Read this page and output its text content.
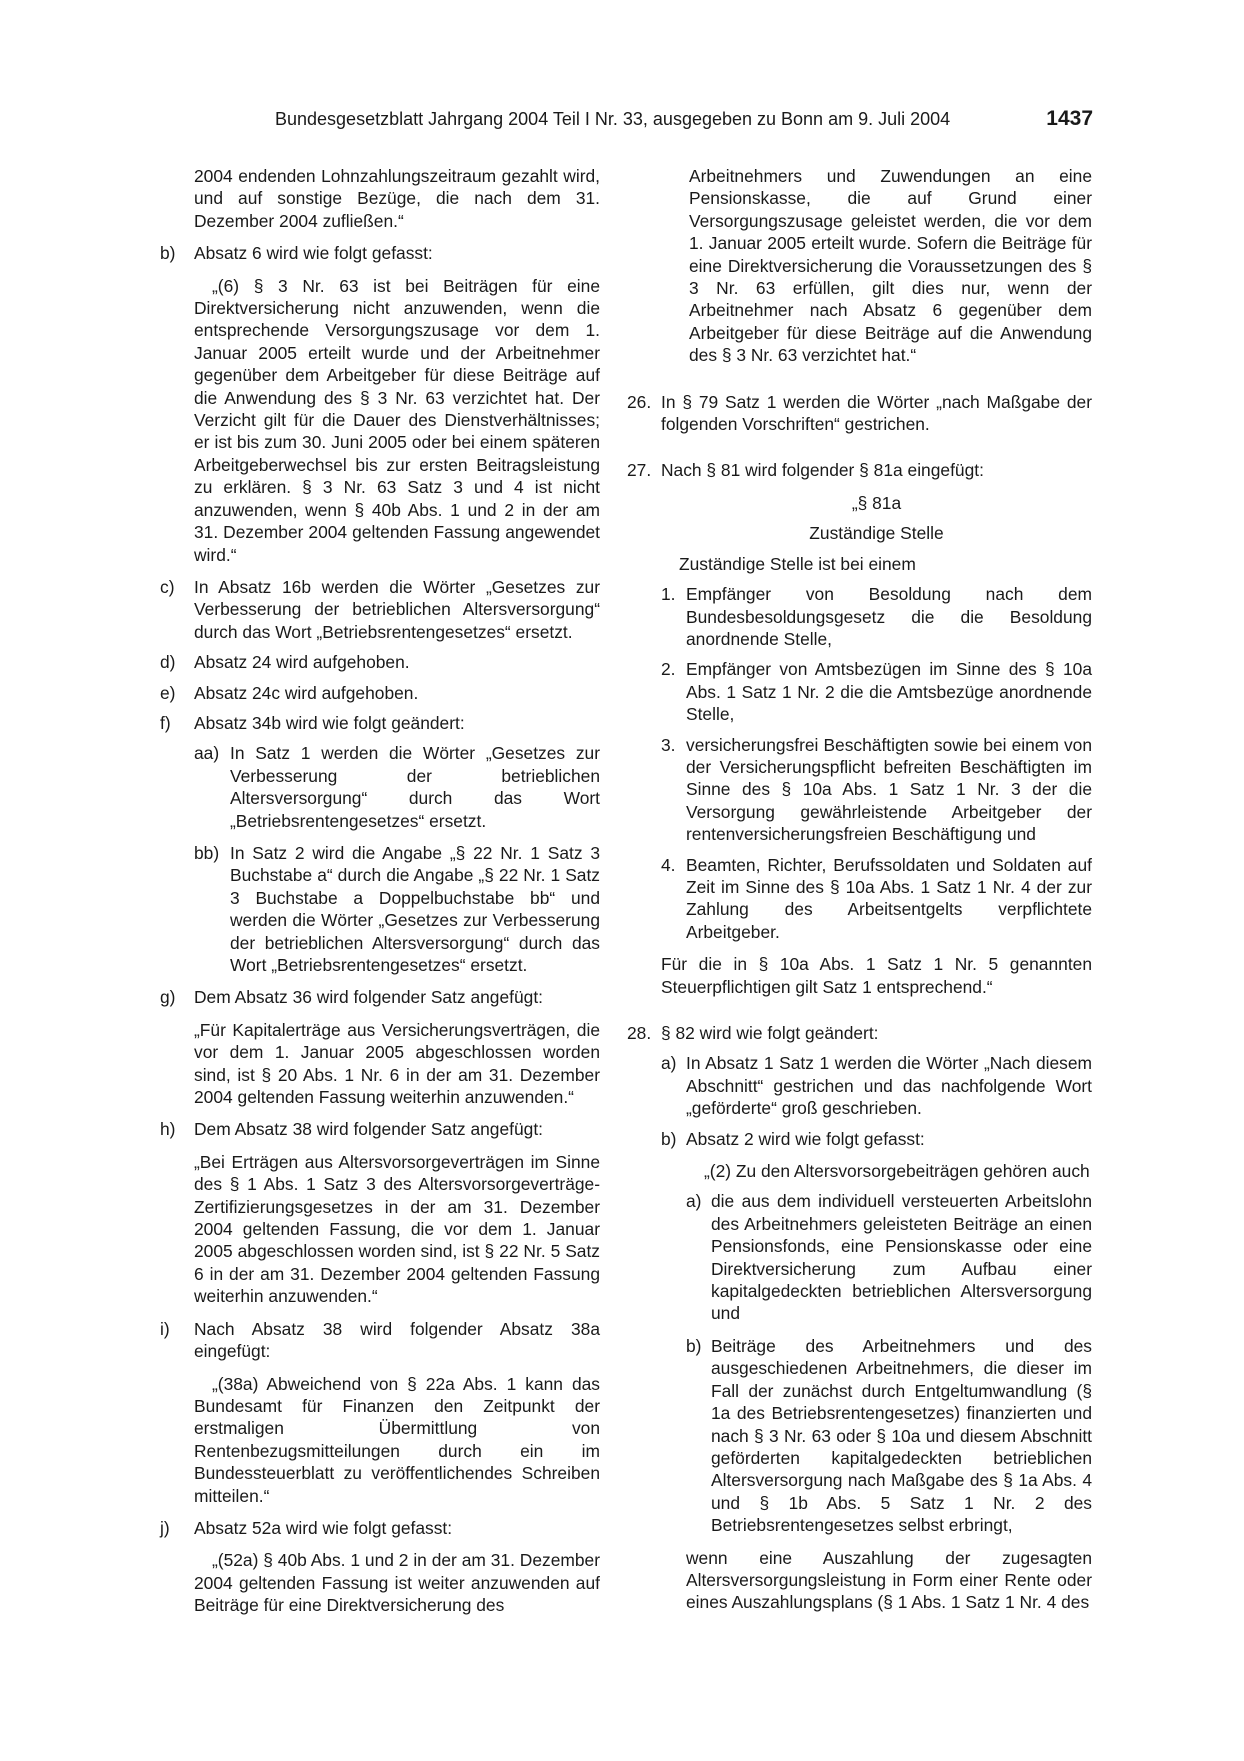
Bundesgesetzblatt Jahrgang 2004 Teil I Nr. 33, ausgegeben zu Bonn am 9. Juli 2004	1437

2004 endenden Lohnzahlungszeitraum gezahlt wird, und auf sonstige Bezüge, die nach dem 31. Dezember 2004 zufließen.“

b)	Absatz 6 wird wie folgt gefasst:

„(6) § 3 Nr. 63 ist bei Beiträgen für eine Direktversicherung nicht anzuwenden, wenn die entsprechende Versorgungszusage vor dem 1. Januar 2005 erteilt wurde und der Arbeitnehmer gegenüber dem Arbeitgeber für diese Beiträge auf die Anwendung des § 3 Nr. 63 verzichtet hat. Der Verzicht gilt für die Dauer des Dienstverhältnisses; er ist bis zum 30. Juni 2005 oder bei einem späteren Arbeitgeberwechsel bis zur ersten Beitragsleistung zu erklären. § 3 Nr. 63 Satz 3 und 4 ist nicht anzuwenden, wenn § 40b Abs. 1 und 2 in der am 31. Dezember 2004 geltenden Fassung angewendet wird.“

c)	In Absatz 16b werden die Wörter „Gesetzes zur Verbesserung der betrieblichen Altersversorgung“ durch das Wort „Betriebsrentengesetzes“ ersetzt.

d)	Absatz 24 wird aufgehoben.

e)	Absatz 24c wird aufgehoben.

f)	Absatz 34b wird wie folgt geändert:

aa) In Satz 1 werden die Wörter „Gesetzes zur Verbesserung der betrieblichen Altersversorgung“ durch das Wort „Betriebsrentengesetzes“ ersetzt.

bb) In Satz 2 wird die Angabe „§ 22 Nr. 1 Satz 3 Buchstabe a“ durch die Angabe „§ 22 Nr. 1 Satz 3 Buchstabe a Doppelbuchstabe bb“ und werden die Wörter „Gesetzes zur Verbesserung der betrieblichen Altersversorgung“ durch das Wort „Betriebsrentengesetzes“ ersetzt.

g)	Dem Absatz 36 wird folgender Satz angefügt:

„Für Kapitalerträge aus Versicherungsverträgen, die vor dem 1. Januar 2005 abgeschlossen worden sind, ist § 20 Abs. 1 Nr. 6 in der am 31. Dezember 2004 geltenden Fassung weiterhin anzuwenden.“

h)	Dem Absatz 38 wird folgender Satz angefügt:

„Bei Erträgen aus Altersvorsorgeverträgen im Sinne des § 1 Abs. 1 Satz 3 des Altersvorsorgeverträge-Zertifizierungsgesetzes in der am 31. Dezember 2004 geltenden Fassung, die vor dem 1. Januar 2005 abgeschlossen worden sind, ist § 22 Nr. 5 Satz 6 in der am 31. Dezember 2004 geltenden Fassung weiterhin anzuwenden.“

i)	Nach Absatz 38 wird folgender Absatz 38a eingefügt:

„(38a) Abweichend von § 22a Abs. 1 kann das Bundesamt für Finanzen den Zeitpunkt der erstmaligen Übermittlung von Rentenbezugsmitteilungen durch ein im Bundessteuerblatt zu veröffentlichendes Schreiben mitteilen.“

j)	Absatz 52a wird wie folgt gefasst:

„(52a) § 40b Abs. 1 und 2 in der am 31. Dezember 2004 geltenden Fassung ist weiter anzuwenden auf Beiträge für eine Direktversicherung des

Arbeitnehmers und Zuwendungen an eine Pensionskasse, die auf Grund einer Versorgungszusage geleistet werden, die vor dem 1. Januar 2005 erteilt wurde. Sofern die Beiträge für eine Direktversicherung die Voraussetzungen des § 3 Nr. 63 erfüllen, gilt dies nur, wenn der Arbeitnehmer nach Absatz 6 gegenüber dem Arbeitgeber für diese Beiträge auf die Anwendung des § 3 Nr. 63 verzichtet hat.“

26. In § 79 Satz 1 werden die Wörter „nach Maßgabe der folgenden Vorschriften“ gestrichen.

27. Nach § 81 wird folgender § 81a eingefügt:

„§ 81a

Zuständige Stelle

Zuständige Stelle ist bei einem

1. Empfänger von Besoldung nach dem Bundesbesoldungsgesetz die die Besoldung anordnende Stelle,

2. Empfänger von Amtsbezügen im Sinne des § 10a Abs. 1 Satz 1 Nr. 2 die die Amtsbezüge anordnende Stelle,

3. versicherungsfrei Beschäftigten sowie bei einem von der Versicherungspflicht befreiten Beschäftigten im Sinne des § 10a Abs. 1 Satz 1 Nr. 3 der die Versorgung gewährleistende Arbeitgeber der rentenversicherungsfreien Beschäftigung und

4. Beamten, Richter, Berufssoldaten und Soldaten auf Zeit im Sinne des § 10a Abs. 1 Satz 1 Nr. 4 der zur Zahlung des Arbeitsentgelts verpflichtete Arbeitgeber.

Für die in § 10a Abs. 1 Satz 1 Nr. 5 genannten Steuerpflichtigen gilt Satz 1 entsprechend.“

28. § 82 wird wie folgt geändert:

a) In Absatz 1 Satz 1 werden die Wörter „Nach diesem Abschnitt“ gestrichen und das nachfolgende Wort „geförderte“ groß geschrieben.

b) Absatz 2 wird wie folgt gefasst:

„(2) Zu den Altersvorsorgebeiträgen gehören auch

a) die aus dem individuell versteuerten Arbeitslohn des Arbeitnehmers geleisteten Beiträge an einen Pensionsfonds, eine Pensionskasse oder eine Direktversicherung zum Aufbau einer kapitalgedeckten betrieblichen Altersversorgung und

b) Beiträge des Arbeitnehmers und des ausgeschiedenen Arbeitnehmers, die dieser im Fall der zunächst durch Entgeltumwandlung (§ 1a des Betriebsrentengesetzes) finanzierten und nach § 3 Nr. 63 oder § 10a und diesem Abschnitt geförderten kapitalgedeckten betrieblichen Altersversorgung nach Maßgabe des § 1a Abs. 4 und § 1b Abs. 5 Satz 1 Nr. 2 des Betriebsrentengesetzes selbst erbringt,

wenn eine Auszahlung der zugesagten Altersversorgungsleistung in Form einer Rente oder eines Auszahlungsplans (§ 1 Abs. 1 Satz 1 Nr. 4 des
